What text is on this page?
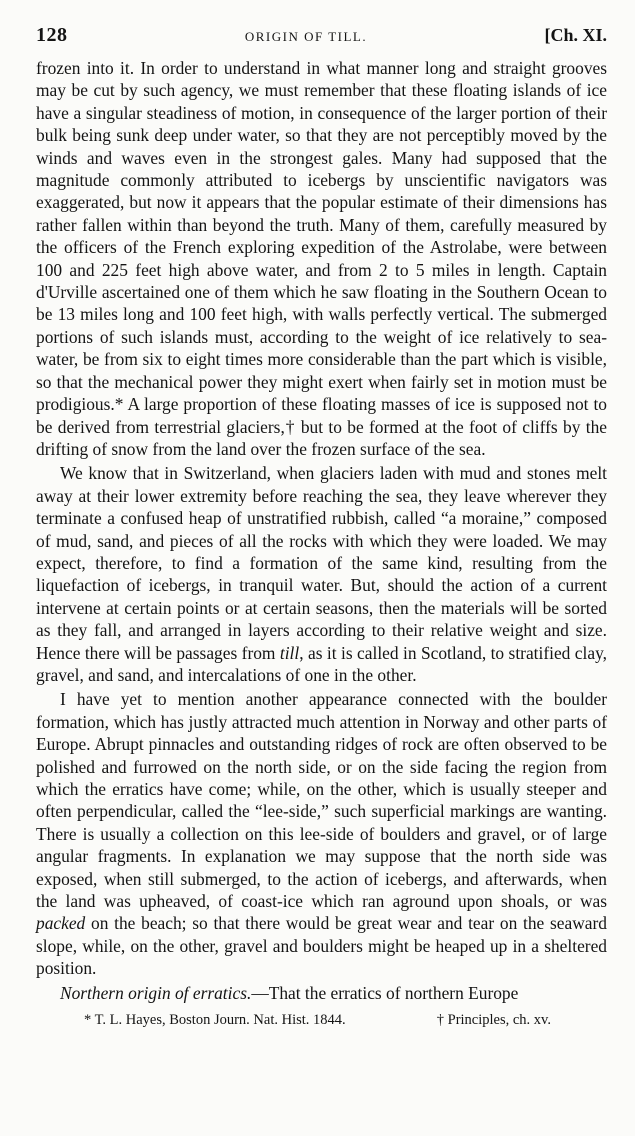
128	ORIGIN OF TILL.	[Ch. XI.

frozen into it. In order to understand in what manner long and straight grooves may be cut by such agency, we must remember that these floating islands of ice have a singular steadiness of motion, in consequence of the larger portion of their bulk being sunk deep under water, so that they are not perceptibly moved by the winds and waves even in the strongest gales. Many had supposed that the magnitude commonly attributed to icebergs by unscientific navigators was exaggerated, but now it appears that the popular estimate of their dimensions has rather fallen within than beyond the truth. Many of them, carefully measured by the officers of the French exploring expedition of the Astrolabe, were between 100 and 225 feet high above water, and from 2 to 5 miles in length. Captain d'Urville ascertained one of them which he saw floating in the Southern Ocean to be 13 miles long and 100 feet high, with walls perfectly vertical. The submerged portions of such islands must, according to the weight of ice relatively to sea-water, be from six to eight times more considerable than the part which is visible, so that the mechanical power they might exert when fairly set in motion must be prodigious.* A large proportion of these floating masses of ice is supposed not to be derived from terrestrial glaciers,† but to be formed at the foot of cliffs by the drifting of snow from the land over the frozen surface of the sea.

We know that in Switzerland, when glaciers laden with mud and stones melt away at their lower extremity before reaching the sea, they leave wherever they terminate a confused heap of unstratified rubbish, called “a moraine,” composed of mud, sand, and pieces of all the rocks with which they were loaded. We may expect, therefore, to find a formation of the same kind, resulting from the liquefaction of icebergs, in tranquil water. But, should the action of a current intervene at certain points or at certain seasons, then the materials will be sorted as they fall, and arranged in layers according to their relative weight and size. Hence there will be passages from till, as it is called in Scotland, to stratified clay, gravel, and sand, and intercalations of one in the other.

I have yet to mention another appearance connected with the boulder formation, which has justly attracted much attention in Norway and other parts of Europe. Abrupt pinnacles and outstanding ridges of rock are often observed to be polished and furrowed on the north side, or on the side facing the region from which the erratics have come; while, on the other, which is usually steeper and often perpendicular, called the “lee-side,” such superficial markings are wanting. There is usually a collection on this lee-side of boulders and gravel, or of large angular fragments. In explanation we may suppose that the north side was exposed, when still submerged, to the action of icebergs, and afterwards, when the land was upheaved, of coast-ice which ran aground upon shoals, or was packed on the beach; so that there would be great wear and tear on the seaward slope, while, on the other, gravel and boulders might be heaped up in a sheltered position.

Northern origin of erratics.—That the erratics of northern Europe

* T. L. Hayes, Boston Journ. Nat. Hist. 1844.	† Principles, ch. xv.
